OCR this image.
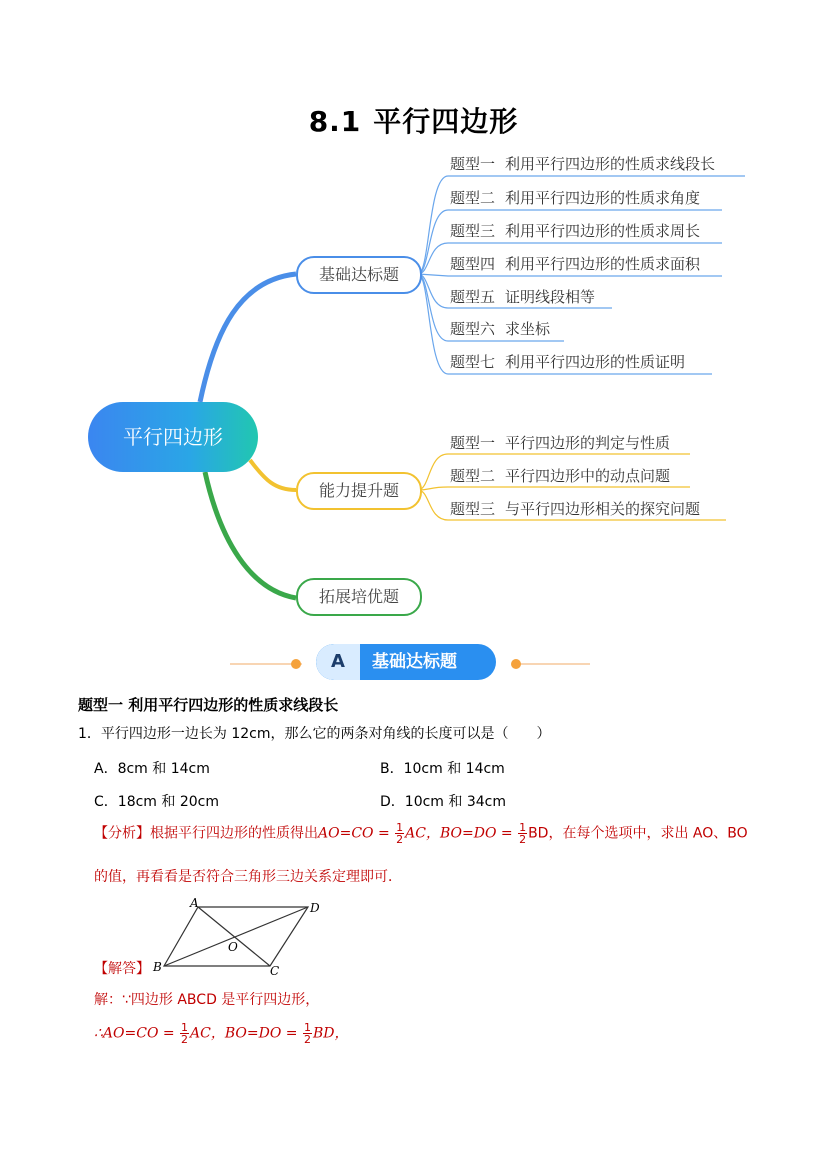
8.1 平行四边形
平行四边形
基础达标题
能力提升题
拓展培优题
题型一 利用平行四边形的性质求线段长
题型二 利用平行四边形的性质求角度
题型三 利用平行四边形的性质求周长
题型四 利用平行四边形的性质求面积
题型五 证明线段相等
题型六 求坐标
题型七 利用平行四边形的性质证明
题型一 平行四边形的判定与性质
题型二 平行四边形中的动点问题
题型三 与平行四边形相关的探究问题
A	基础达标题
题型一 利用平行四边形的性质求线段长
1．平行四边形一边长为 12cm，那么它的两条对角线的长度可以是（　　）
A．8cm 和 14cm	B．10cm 和 14cm
C．18cm 和 20cm	D．10cm 和 34cm
【分析】根据平行四边形的性质得出$AO=CO = \frac{1}{2}$ AC，$BO=DO = \frac{1}{2}$ BD，在每个选项中，求出 AO、BO
的值，再看看是否符合三角形三边关系定理即可．
A	D
O
B	C
【解答】
解：∵四边形 ABCD 是平行四边形，
∴AO=CO = $\frac{1}{2}$ AC，$BO=DO = \frac{1}{2}$ BD，
